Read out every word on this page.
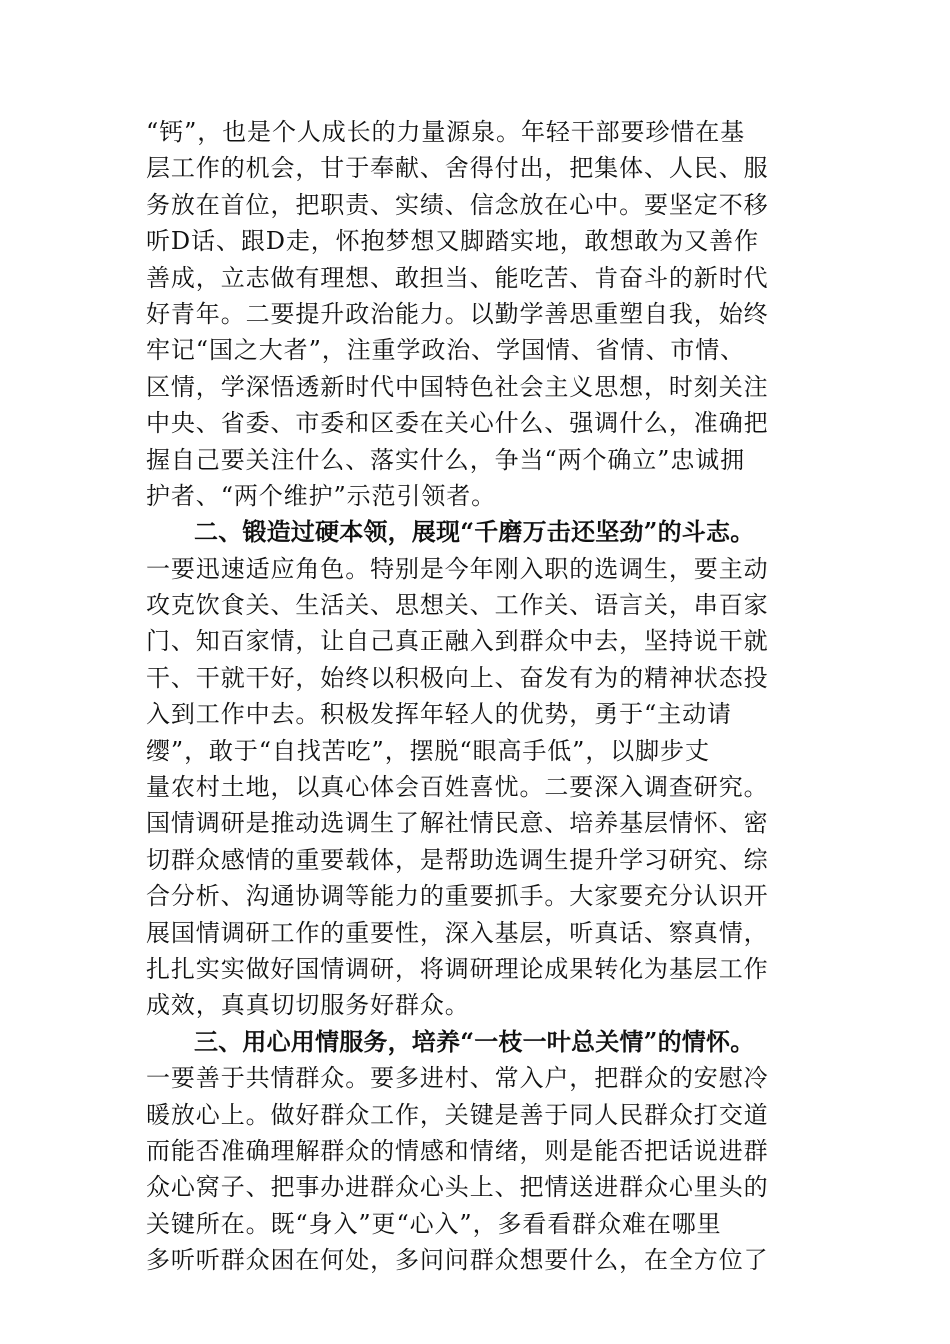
“钙”，也是个人成长的力量源泉。年轻干部要珍惜在基
层工作的机会，甘于奉献、舍得付出，把集体、人民、服
务放在首位，把职责、实绩、信念放在心中。要坚定不移
听D话、跟D走，怀抱梦想又脚踏实地，敢想敢为又善作
善成，立志做有理想、敢担当、能吃苦、肯奋斗的新时代
好青年。二要提升政治能力。以勤学善思重塑自我，始终
牢记“国之大者”，注重学政治、学国情、省情、市情、
区情，学深悟透新时代中国特色社会主义思想，时刻关注
中央、省委、市委和区委在关心什么、强调什么，准确把
握自己要关注什么、落实什么，争当“两个确立”忠诚拥
护者、“两个维护”示范引领者。
二、锻造过硬本领，展现“千磨万击还坚劲”的斗志。
一要迅速适应角色。特别是今年刚入职的选调生，要主动
攻克饮食关、生活关、思想关、工作关、语言关，串百家
门、知百家情，让自己真正融入到群众中去，坚持说干就
干、干就干好，始终以积极向上、奋发有为的精神状态投
入到工作中去。积极发挥年轻人的优势，勇于“主动请
缨”，敢于“自找苦吃”，摆脱“眼高手低”，以脚步丈
量农村土地，以真心体会百姓喜忧。二要深入调查研究。
国情调研是推动选调生了解社情民意、培养基层情怀、密
切群众感情的重要载体，是帮助选调生提升学习研究、综
合分析、沟通协调等能力的重要抓手。大家要充分认识开
展国情调研工作的重要性，深入基层，听真话、察真情，
扎扎实实做好国情调研，将调研理论成果转化为基层工作
成效，真真切切服务好群众。
三、用心用情服务，培养“一枝一叶总关情”的情怀。
一要善于共情群众。要多进村、常入户，把群众的安慰冷
暖放心上。做好群众工作，关键是善于同人民群众打交道
而能否准确理解群众的情感和情绪，则是能否把话说进群
众心窝子、把事办进群众心头上、把情送进群众心里头的
关键所在。既“身入”更“心入”，多看看群众难在哪里
多听听群众困在何处，多问问群众想要什么，在全方位了
